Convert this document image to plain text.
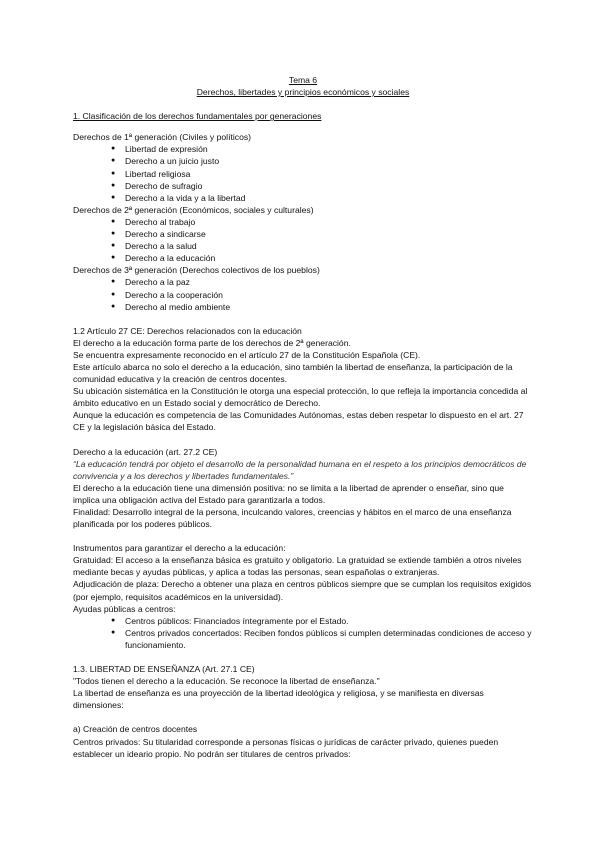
Tema 6
Derechos, libertades y principios económicos y sociales
1. Clasificación de los derechos fundamentales por generaciones
Derechos de 1ª generación (Civiles y políticos)
● Libertad de expresión
● Derecho a un juicio justo
● Libertad religiosa
● Derecho de sufragio
● Derecho a la vida y a la libertad
Derechos de 2ª generación (Económicos, sociales y culturales)
● Derecho al trabajo
● Derecho a sindicarse
● Derecho a la salud
● Derecho a la educación
Derechos de 3ª generación (Derechos colectivos de los pueblos)
● Derecho a la paz
● Derecho a la cooperación
● Derecho al medio ambiente
1.2 Artículo 27 CE: Derechos relacionados con la educación

El derecho a la educación forma parte de los derechos de 2ª generación.

Se encuentra expresamente reconocido en el artículo 27 de la Constitución Española (CE).

Este artículo abarca no solo el derecho a la educación, sino también la libertad de enseñanza, la participación de la comunidad educativa y la creación de centros docentes.

Su ubicación sistemática en la Constitución le otorga una especial protección, lo que refleja la importancia concedida al ámbito educativo en un Estado social y democrático de Derecho.

Aunque la educación es competencia de las Comunidades Autónomas, estas deben respetar lo dispuesto en el art. 27 CE y la legislación básica del Estado.

Derecho a la educación (art. 27.2 CE)

“La educación tendrá por objeto el desarrollo de la personalidad humana en el respeto a los principios democráticos de convivencia y a los derechos y libertades fundamentales.”

El derecho a la educación tiene una dimensión positiva: no se limita a la libertad de aprender o enseñar, sino que implica una obligación activa del Estado para garantizarla a todos.

Finalidad: Desarrollo integral de la persona, inculcando valores, creencias y hábitos en el marco de una enseñanza planificada por los poderes públicos.

Instrumentos para garantizar el derecho a la educación:

Gratuidad: El acceso a la enseñanza básica es gratuito y obligatorio. La gratuidad se extiende también a otros niveles mediante becas y ayudas públicas, y aplica a todas las personas, sean españolas o extranjeras.

Adjudicación de plaza: Derecho a obtener una plaza en centros públicos siempre que se cumplan los requisitos exigidos (por ejemplo, requisitos académicos en la universidad).

Ayudas públicas a centros:

● Centros públicos: Financiados íntegramente por el Estado.
● Centros privados concertados: Reciben fondos públicos si cumplen determinadas condiciones de acceso y funcionamiento.
1.3. LIBERTAD DE ENSEÑANZA (Art. 27.1 CE)

"Todos tienen el derecho a la educación. Se reconoce la libertad de enseñanza."

La libertad de enseñanza es una proyección de la libertad ideológica y religiosa, y se manifiesta en diversas dimensiones:

a) Creación de centros docentes

Centros privados: Su titularidad corresponde a personas físicas o jurídicas de carácter privado, quienes pueden establecer un ideario propio. No podrán ser titulares de centros privados:
